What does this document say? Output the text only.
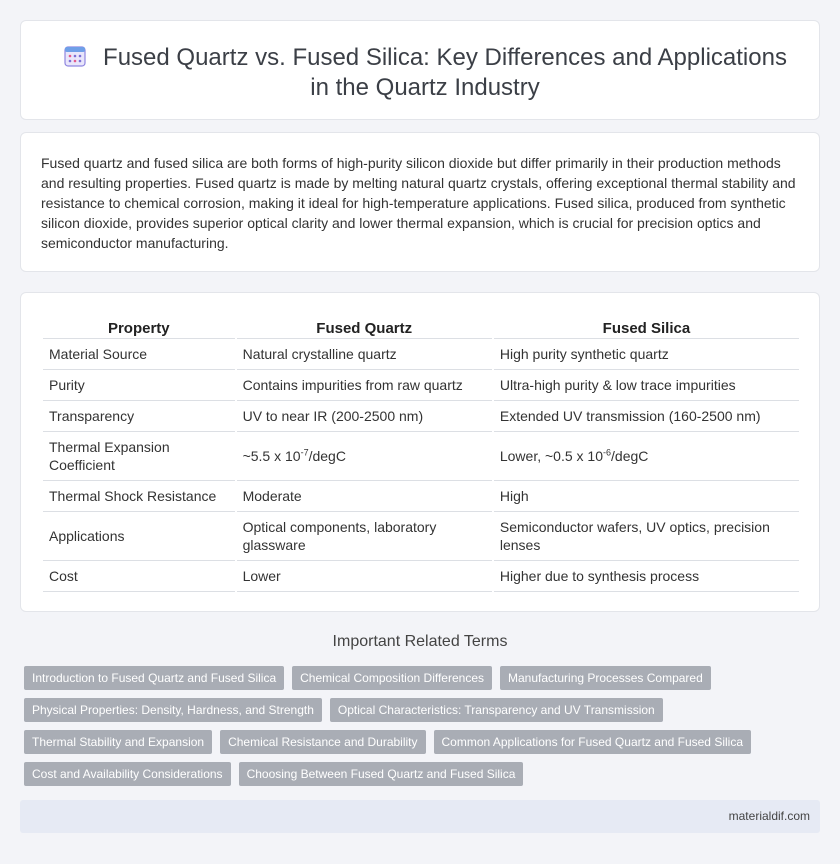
Fused Quartz vs. Fused Silica: Key Differences and Applications in the Quartz Industry

Fused quartz and fused silica are both forms of high-purity silicon dioxide but differ primarily in their production methods and resulting properties. Fused quartz is made by melting natural quartz crystals, offering exceptional thermal stability and resistance to chemical corrosion, making it ideal for high-temperature applications. Fused silica, produced from synthetic silicon dioxide, provides superior optical clarity and lower thermal expansion, which is crucial for precision optics and semiconductor manufacturing.

Property	Fused Quartz	Fused Silica
Material Source	Natural crystalline quartz	High purity synthetic quartz
Purity	Contains impurities from raw quartz	Ultra-high purity & low trace impurities
Transparency	UV to near IR (200-2500 nm)	Extended UV transmission (160-2500 nm)
Thermal Expansion Coefficient	~5.5 x $10^{-7}$/degC	Lower, ~0.5 x $10^{-6}$/degC
Thermal Shock Resistance	Moderate	High
Applications	Optical components, laboratory glassware	Semiconductor wafers, UV optics, precision lenses
Cost	Lower	Higher due to synthesis process
Important Related Terms
Introduction to Fused Quartz and Fused Silica	Chemical Composition Differences	Manufacturing Processes Compared
Physical Properties: Density, Hardness, and Strength	Optical Characteristics: Transparency and UV Transmission
Thermal Stability and Expansion	Chemical Resistance and Durability	Common Applications for Fused Quartz and Fused Silica
Cost and Availability Considerations	Choosing Between Fused Quartz and Fused Silica
materialdif.com
